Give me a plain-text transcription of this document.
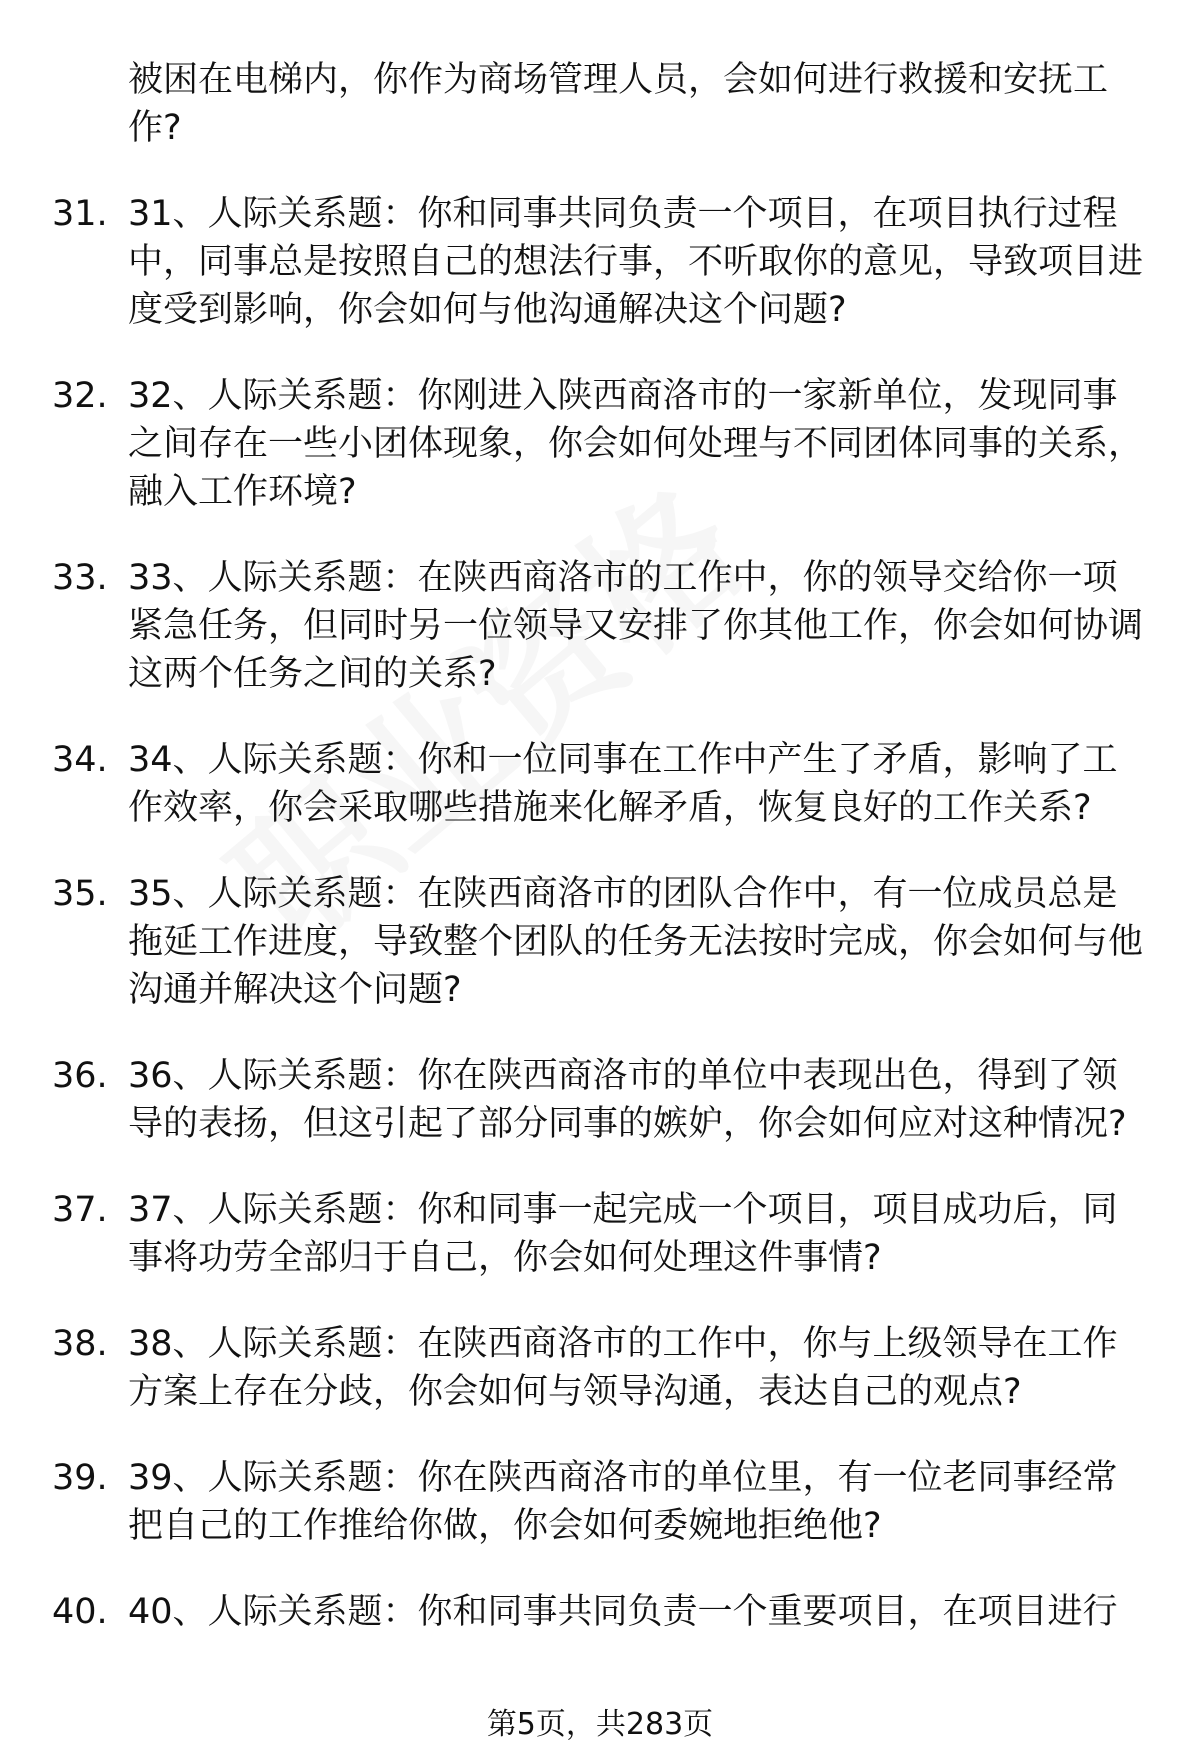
被困在电梯内，你作为商场管理人员，会如何进行救援和安抚工作?
31. 31、人际关系题：你和同事共同负责一个项目，在项目执行过程中，同事总是按照自己的想法行事，不听取你的意见，导致项目进度受到影响，你会如何与他沟通解决这个问题?
32. 32、人际关系题：你刚进入陕西商洛市的一家新单位，发现同事之间存在一些小团体现象，你会如何处理与不同团体同事的关系，融入工作环境?
33. 33、人际关系题：在陕西商洛市的工作中，你的领导交给你一项紧急任务，但同时另一位领导又安排了你其他工作，你会如何协调这两个任务之间的关系?
34. 34、人际关系题：你和一位同事在工作中产生了矛盾，影响了工作效率，你会采取哪些措施来化解矛盾，恢复良好的工作关系?
35. 35、人际关系题：在陕西商洛市的团队合作中，有一位成员总是拖延工作进度，导致整个团队的任务无法按时完成，你会如何与他沟通并解决这个问题?
36. 36、人际关系题：你在陕西商洛市的单位中表现出色，得到了领导的表扬，但这引起了部分同事的嫉妒，你会如何应对这种情况?
37. 37、人际关系题：你和同事一起完成一个项目，项目成功后，同事将功劳全部归于自己，你会如何处理这件事情?
38. 38、人际关系题：在陕西商洛市的工作中，你与上级领导在工作方案上存在分歧，你会如何与领导沟通，表达自己的观点?
39. 39、人际关系题：你在陕西商洛市的单位里，有一位老同事经常把自己的工作推给你做，你会如何委婉地拒绝他?
40. 40、人际关系题：你和同事共同负责一个重要项目，在项目进行
第5页，共283页
